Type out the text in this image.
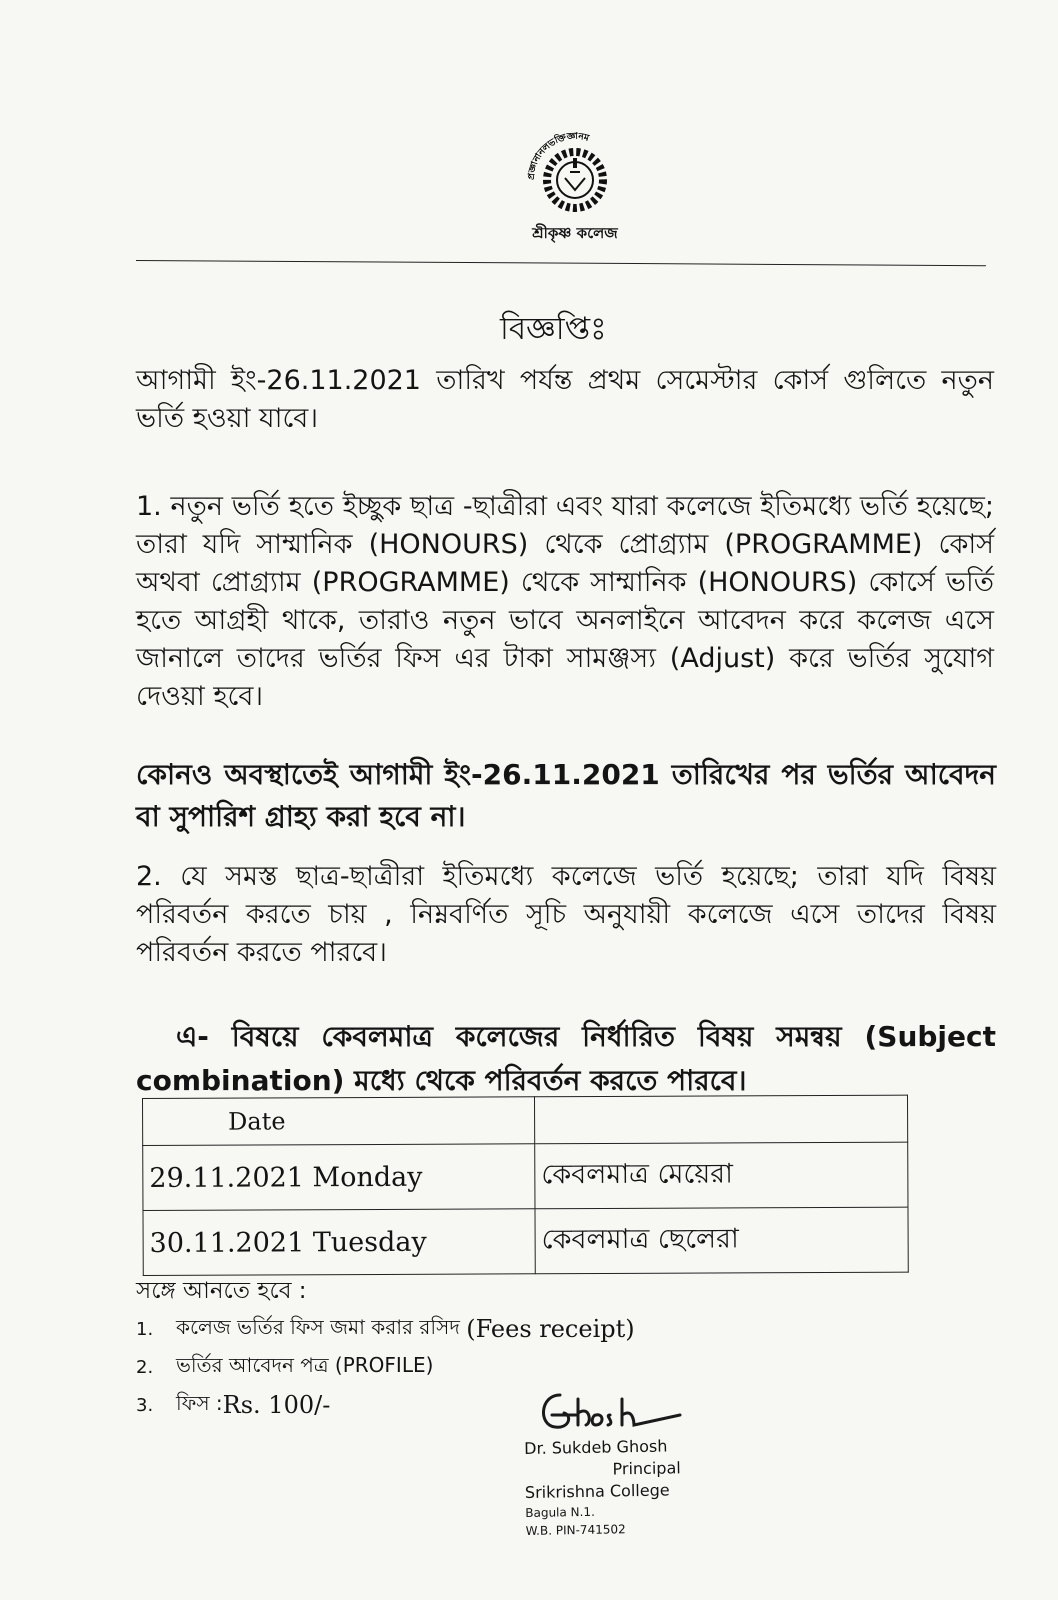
প্রজ্ঞানানলভক্তিজ্ঞানম
শ্রীকৃষ্ণ কলেজ
বিজ্ঞপ্তিঃ
আগামী ইং-26.11.2021 তারিখ পর্যন্ত প্রথম সেমেস্টার কোর্স গুলিতে নতুন ভর্তি হওয়া যাবে।
1. নতুন ভর্তি হতে ইচ্ছুক ছাত্র -ছাত্রীরা এবং যারা কলেজে ইতিমধ্যে ভর্তি হয়েছে; তারা যদি সাম্মানিক (HONOURS) থেকে প্রোগ্র্যাম (PROGRAMME) কোর্স অথবা প্রোগ্র্যাম (PROGRAMME) থেকে সাম্মানিক (HONOURS) কোর্সে ভর্তি হতে আগ্রহী থাকে, তারাও নতুন ভাবে অনলাইনে আবেদন করে কলেজ এসে জানালে তাদের ভর্তির ফিস এর টাকা সামঞ্জস্য (Adjust) করে ভর্তির সুযোগ দেওয়া হবে।
কোনও অবস্থাতেই আগামী ইং-26.11.2021 তারিখের পর ভর্তির আবেদন বা সুপারিশ গ্রাহ্য করা হবে না।
2. যে সমস্ত ছাত্র-ছাত্রীরা ইতিমধ্যে কলেজে ভর্তি হয়েছে; তারা যদি বিষয় পরিবর্তন করতে চায় , নিম্নবর্ণিত সূচি অনুযায়ী কলেজে এসে তাদের বিষয় পরিবর্তন করতে পারবে।
এ- বিষয়ে কেবলমাত্র কলেজের নির্ধারিত বিষয় সমন্বয় (Subject combination) মধ্যে থেকে পরিবর্তন করতে পারবে।
Date	
29.11.2021 Monday	কেবলমাত্র মেয়েরা
30.11.2021 Tuesday	কেবলমাত্র ছেলেরা
সঙ্গে আনতে হবে :
1.	কলেজ ভর্তির ফিস জমা করার রসিদ
(Fees receipt)
2.	ভর্তির আবেদন পত্র (PROFILE)
3.	ফিস : Rs. 100/-
Dr. Sukdeb Ghosh
Principal
Srikrishna College
Bagula N.1.
W.B. PIN-741502
